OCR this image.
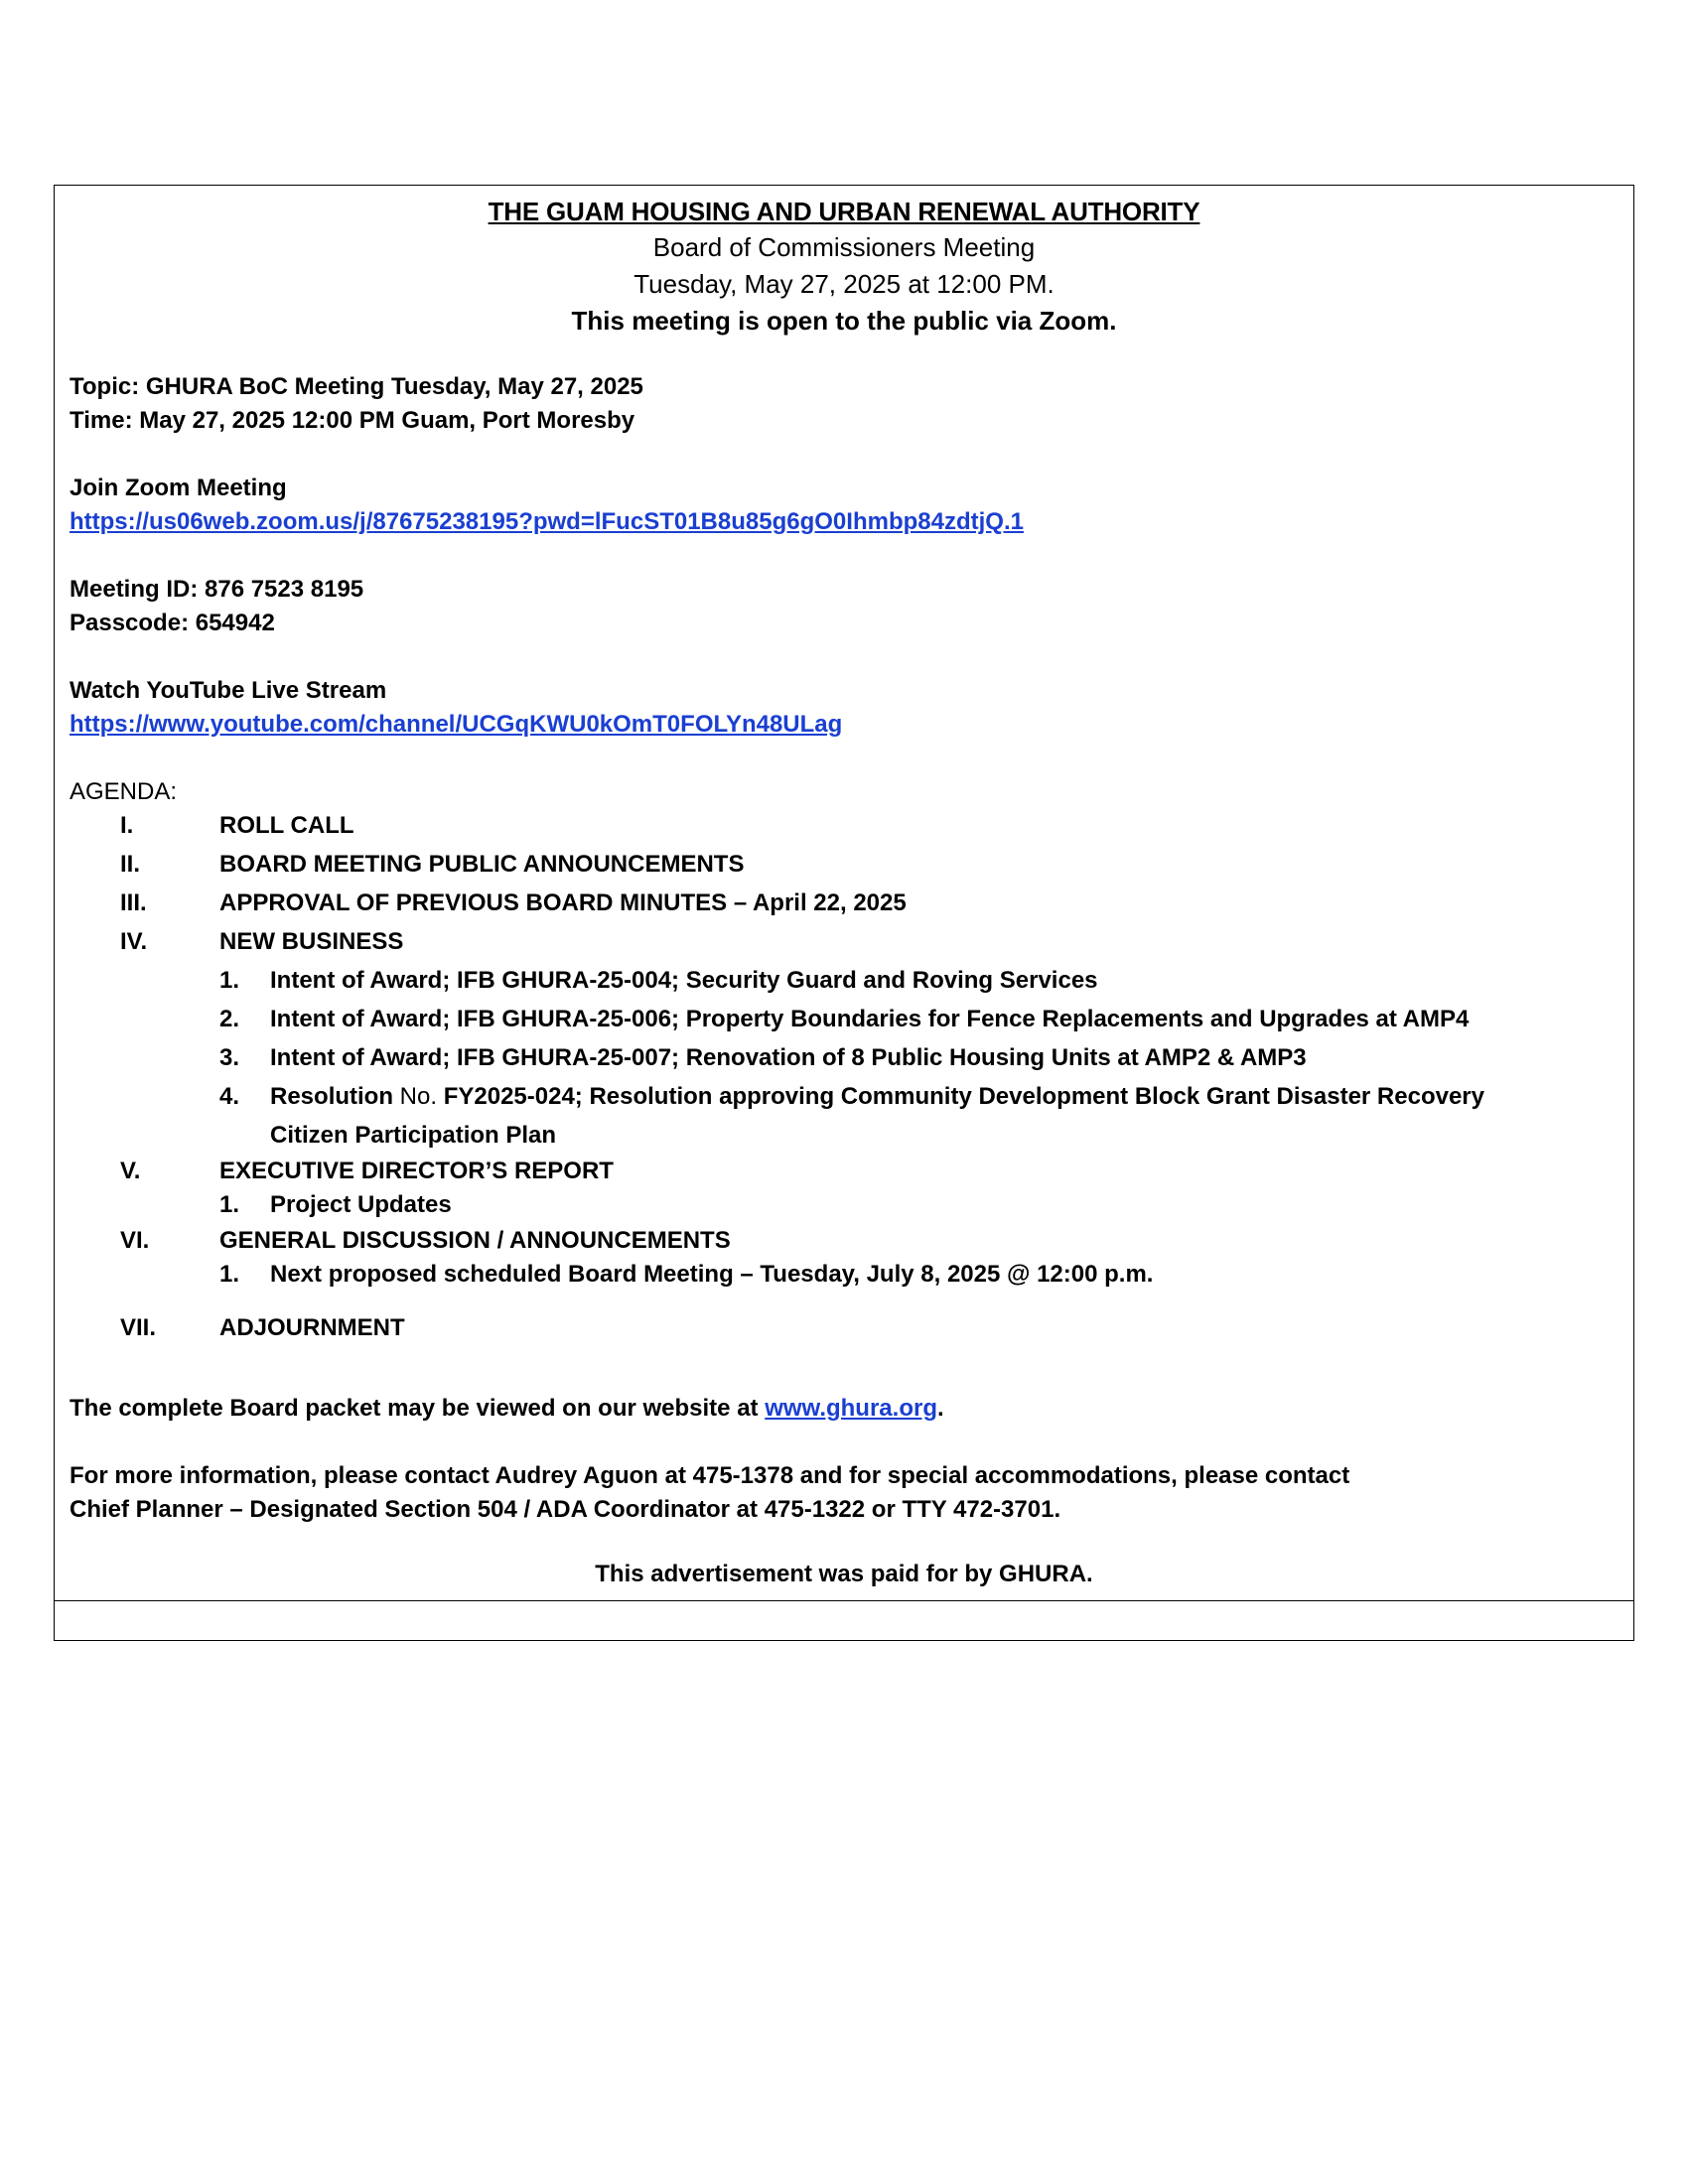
THE GUAM HOUSING AND URBAN RENEWAL AUTHORITY
Board of Commissioners Meeting
Tuesday, May 27, 2025 at 12:00 PM.
This meeting is open to the public via Zoom.
Topic: GHURA BoC Meeting Tuesday, May 27, 2025
Time: May 27, 2025 12:00 PM Guam, Port Moresby
Join Zoom Meeting
https://us06web.zoom.us/j/87675238195?pwd=lFucST01B8u85g6gO0Ihmbp84zdtjQ.1
Meeting ID: 876 7523 8195
Passcode: 654942
Watch YouTube Live Stream
https://www.youtube.com/channel/UCGqKWU0kOmT0FOLYn48ULag
AGENDA:
I.	ROLL CALL
II.	BOARD MEETING PUBLIC ANNOUNCEMENTS
III.	APPROVAL OF PREVIOUS BOARD MINUTES – April 22, 2025
IV.	NEW BUSINESS
1.	Intent of Award; IFB GHURA-25-004; Security Guard and Roving Services
2.	Intent of Award; IFB GHURA-25-006; Property Boundaries for Fence Replacements and Upgrades at AMP4
3.	Intent of Award; IFB GHURA-25-007; Renovation of 8 Public Housing Units at AMP2 & AMP3
4.	Resolution No. FY2025-024; Resolution approving Community Development Block Grant Disaster Recovery
Citizen Participation Plan
V.	EXECUTIVE DIRECTOR’S REPORT
1.	Project Updates
VI.	GENERAL DISCUSSION / ANNOUNCEMENTS
1.	Next proposed scheduled Board Meeting – Tuesday, July 8, 2025 @ 12:00 p.m.
VII.	ADJOURNMENT
The complete Board packet may be viewed on our website at www.ghura.org.
For more information, please contact Audrey Aguon at 475-1378 and for special accommodations, please contact
Chief Planner – Designated Section 504 / ADA Coordinator at 475-1322 or TTY 472-3701.
This advertisement was paid for by GHURA.
